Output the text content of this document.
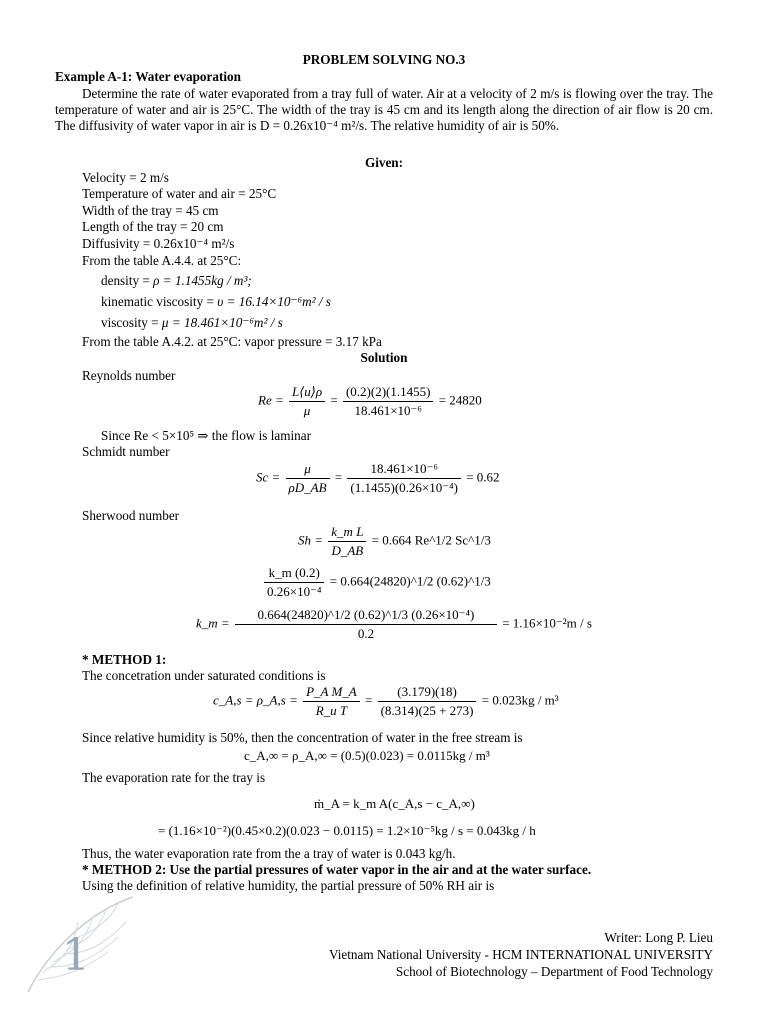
PROBLEM SOLVING NO.3
Example A-1: Water evaporation
Determine the rate of water evaporated from a tray full of water. Air at a velocity of 2 m/s is flowing over the tray. The temperature of water and air is 25°C. The width of the tray is 45 cm and its length along the direction of air flow is 20 cm. The diffusivity of water vapor in air is D = 0.26x10⁻⁴ m²/s. The relative humidity of air is 50%.
Given:
Velocity = 2 m/s
Temperature of water and air = 25°C
Width of the tray = 45 cm
Length of the tray = 20 cm
Diffusivity = 0.26x10⁻⁴ m²/s
From the table A.4.4. at 25°C:
density = ρ = 1.1455kg / m³;
kinematic viscosity = υ = 16.14×10⁻⁶m² / s
viscosity = μ = 18.461×10⁻⁶m² / s
From the table A.4.2. at 25°C: vapor pressure = 3.17 kPa
Solution
Reynolds number
$Re = \frac{L⟨u⟩\rho}{\mu} = \frac{(0.2)(2)(1.1455)}{\text{18.461×10⁻⁶}} = 24820$
Since Re < 5×10⁵ ⇒ the flow is laminar
Schmidt number
$Sc = \frac{\mu}{\rho D\_AB} = \frac{\text{18.461×10⁻⁶}}{\text{(1.1455)(0.26×10⁻⁴)}} = 0.62$
Sherwood number
$Sh = \frac{\text{k\_m L}}{D\_AB} = 0.664$ Re^1/2 Sc^1/3
$\frac{k\_m (0.2)}{\text{0.26×10⁻⁴}}$ = 0.664(24820)^1/2 (0.62)^1/3
k_m = $\frac{\text{0.664(24820)\textasciicircum{}1/2 (0.62)\textasciicircum{}1/3 (0.26×10⁻⁴)}}{0.2} = 1.16\times 10^{-2}m / s$
* METHOD 1:
The concetration under saturated conditions is
c_A,s = ρ_A,s = $\frac{\text{P\_A M\_A}}{\text{R\_u T}} = \frac{(3.179)(18)}{(8.314)(25 + 273)} = 0.023kg / m^3$
Since relative humidity is 50%, then the concentration of water in the free stream is
c_A,∞ = ρ_A,∞ = (0.5)(0.023) = 0.0115kg / m³
The evaporation rate for the tray is
ṁ_A = k_m A(c_A,s − c_A,∞)
= (1.16×10⁻²)(0.45×0.2)(0.023 − 0.0115) = 1.2×10⁻⁵kg / s = 0.043kg / h
Thus, the water evaporation rate from the a tray of water is 0.043 kg/h.
* METHOD 2: Use the partial pressures of water vapor in the air and at the water surface.
Using the definition of relative humidity, the partial pressure of 50% RH air is
1	Writer: Long P. Lieu
Vietnam National University - HCM INTERNATIONAL UNIVERSITY
School of Biotechnology – Department of Food Technology
